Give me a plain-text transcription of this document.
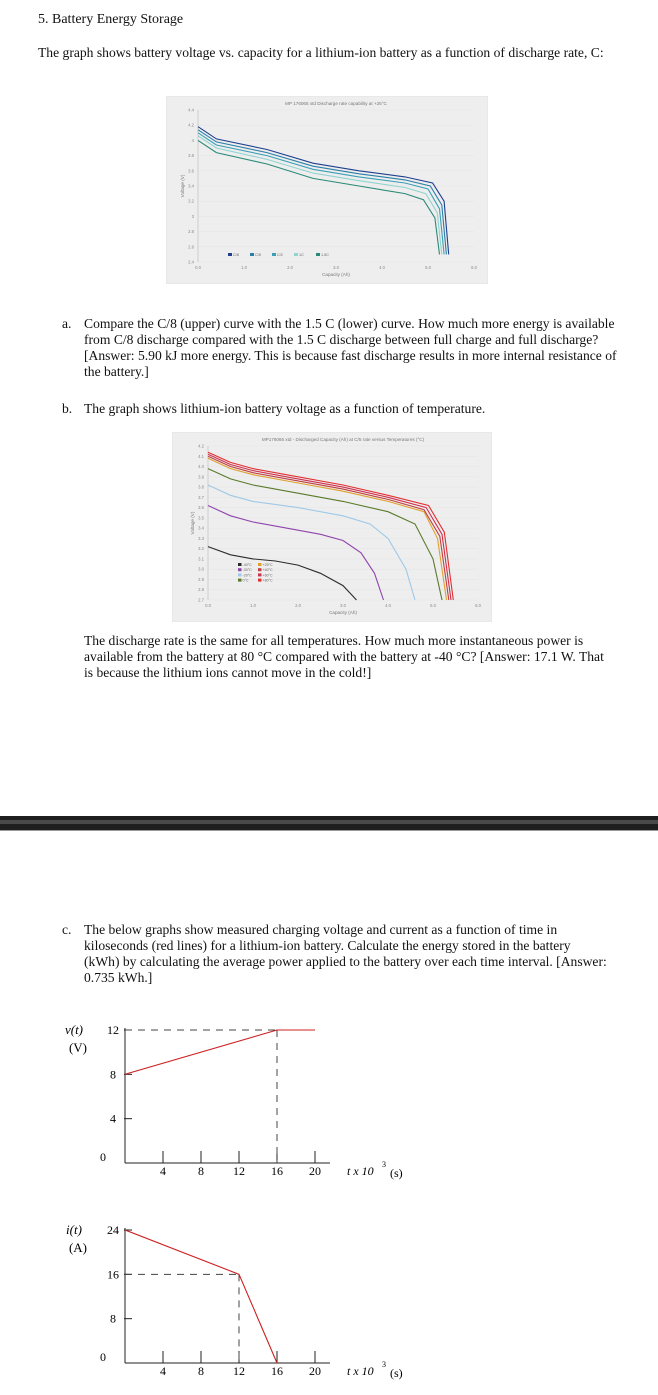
5. Battery Energy Storage
The graph shows battery voltage vs. capacity for a lithium-ion battery as a function of discharge rate, C:
MP 176065 xtd Discharge rate capability at +25°C
4.4
4.2
4
3.8
3.6
3.4
3.2
3
2.8
2.6
2.4
0.0	1.0	2.0	3.0	4.0	5.0	6.0
Capacity (Ah)
Voltage (V)
C/8	C/5	C/2	1C	1.5C
a. Compare the C/8 (upper) curve with the 1.5 C (lower) curve. How much more energy is available from C/8 discharge compared with the 1.5 C discharge between full charge and full discharge? [Answer: 5.90 kJ more energy. This is because fast discharge results in more internal resistance of the battery.]
b. The graph shows lithium-ion battery voltage as a function of temperature.
MP176065 xtd - Discharged Capacity (Ah) at C/5 rate versus Temperatures (°C)
4.2
4.1
4.0
3.9
3.8
3.7
3.6
3.5
3.4
3.3
3.2
3.1
3.0
2.9
2.8
2.7
0.0	1.0	2.0	3.0	4.0	5.0	6.0
Capacity (Ah)
Voltage (V)
-40°C
-30°C
-20°C
0°C
+25°C
+40°C
+60°C
+80°C
The discharge rate is the same for all temperatures. How much more instantaneous power is available from the battery at 80 °C compared with the battery at -40 °C? [Answer: 17.1 W. That is because the lithium ions cannot move in the cold!]
c. The below graphs show measured charging voltage and current as a function of time in kiloseconds (red lines) for a lithium-ion battery. Calculate the energy stored in the battery (kWh) by calculating the average power applied to the battery over each time interval. [Answer: 0.735 kWh.]
0
4
8
12
4	8 12 16 20
v(t)
(V)
t x 10 3
(s)
0
8
16
24
4	8 12 16 20
i(t)
(A)
t x 10 3
(s)
